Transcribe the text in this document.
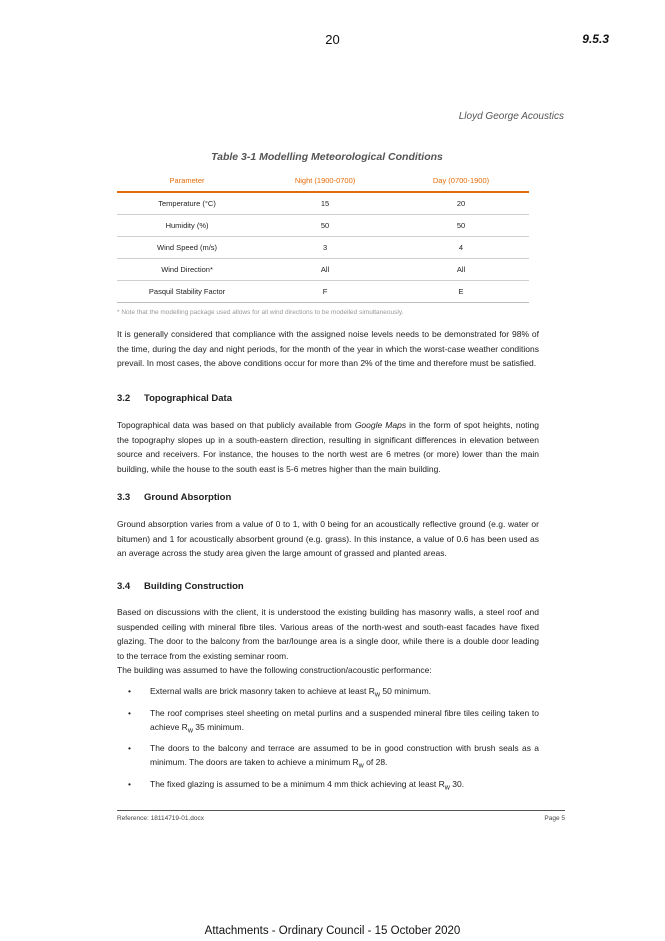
20	9.5.3
Lloyd George Acoustics
Table 3-1 Modelling Meteorological Conditions
Parameter	Night (1900-0700)	Day (0700-1900)
Temperature (°C)	15	20
Humidity (%)	50	50
Wind Speed (m/s)	3	4
Wind Direction*	All	All
Pasquil Stability Factor	F	E
* Note that the modelling package used allows for all wind directions to be modelled simultaneously.

It is generally considered that compliance with the assigned noise levels needs to be demonstrated for 98% of the time, during the day and night periods, for the month of the year in which the worst-case weather conditions prevail. In most cases, the above conditions occur for more than 2% of the time and therefore must be satisfied.

3.2 Topographical Data

Topographical data was based on that publicly available from Google Maps in the form of spot heights, noting the topography slopes up in a south-eastern direction, resulting in significant differences in elevation between source and receivers. For instance, the houses to the north west are 6 metres (or more) lower than the main building, while the house to the south east is 5-6 metres higher than the main building.

3.3 Ground Absorption

Ground absorption varies from a value of 0 to 1, with 0 being for an acoustically reflective ground (e.g. water or bitumen) and 1 for acoustically absorbent ground (e.g. grass). In this instance, a value of 0.6 has been used as an average across the study area given the large amount of grassed and planted areas.

3.4 Building Construction

Based on discussions with the client, it is understood the existing building has masonry walls, a steel roof and suspended ceiling with mineral fibre tiles. Various areas of the north-west and south-east facades have fixed glazing. The door to the balcony from the bar/lounge area is a single door, while there is a double door leading to the terrace from the existing seminar room.

The building was assumed to have the following construction/acoustic performance:

• External walls are brick masonry taken to achieve at least $R_w$ 50 minimum.
• The roof comprises steel sheeting on metal purlins and a suspended mineral fibre tiles ceiling taken to achieve $R_w$ 35 minimum.
• The doors to the balcony and terrace are assumed to be in good construction with brush seals as a minimum. The doors are taken to achieve a minimum $R_w$ of 28.
• The fixed glazing is assumed to be a minimum 4 mm thick achieving at least $R_w$ 30.
Reference: 18114719-01.docx	Page 5
Attachments - Ordinary Council - 15 October 2020
